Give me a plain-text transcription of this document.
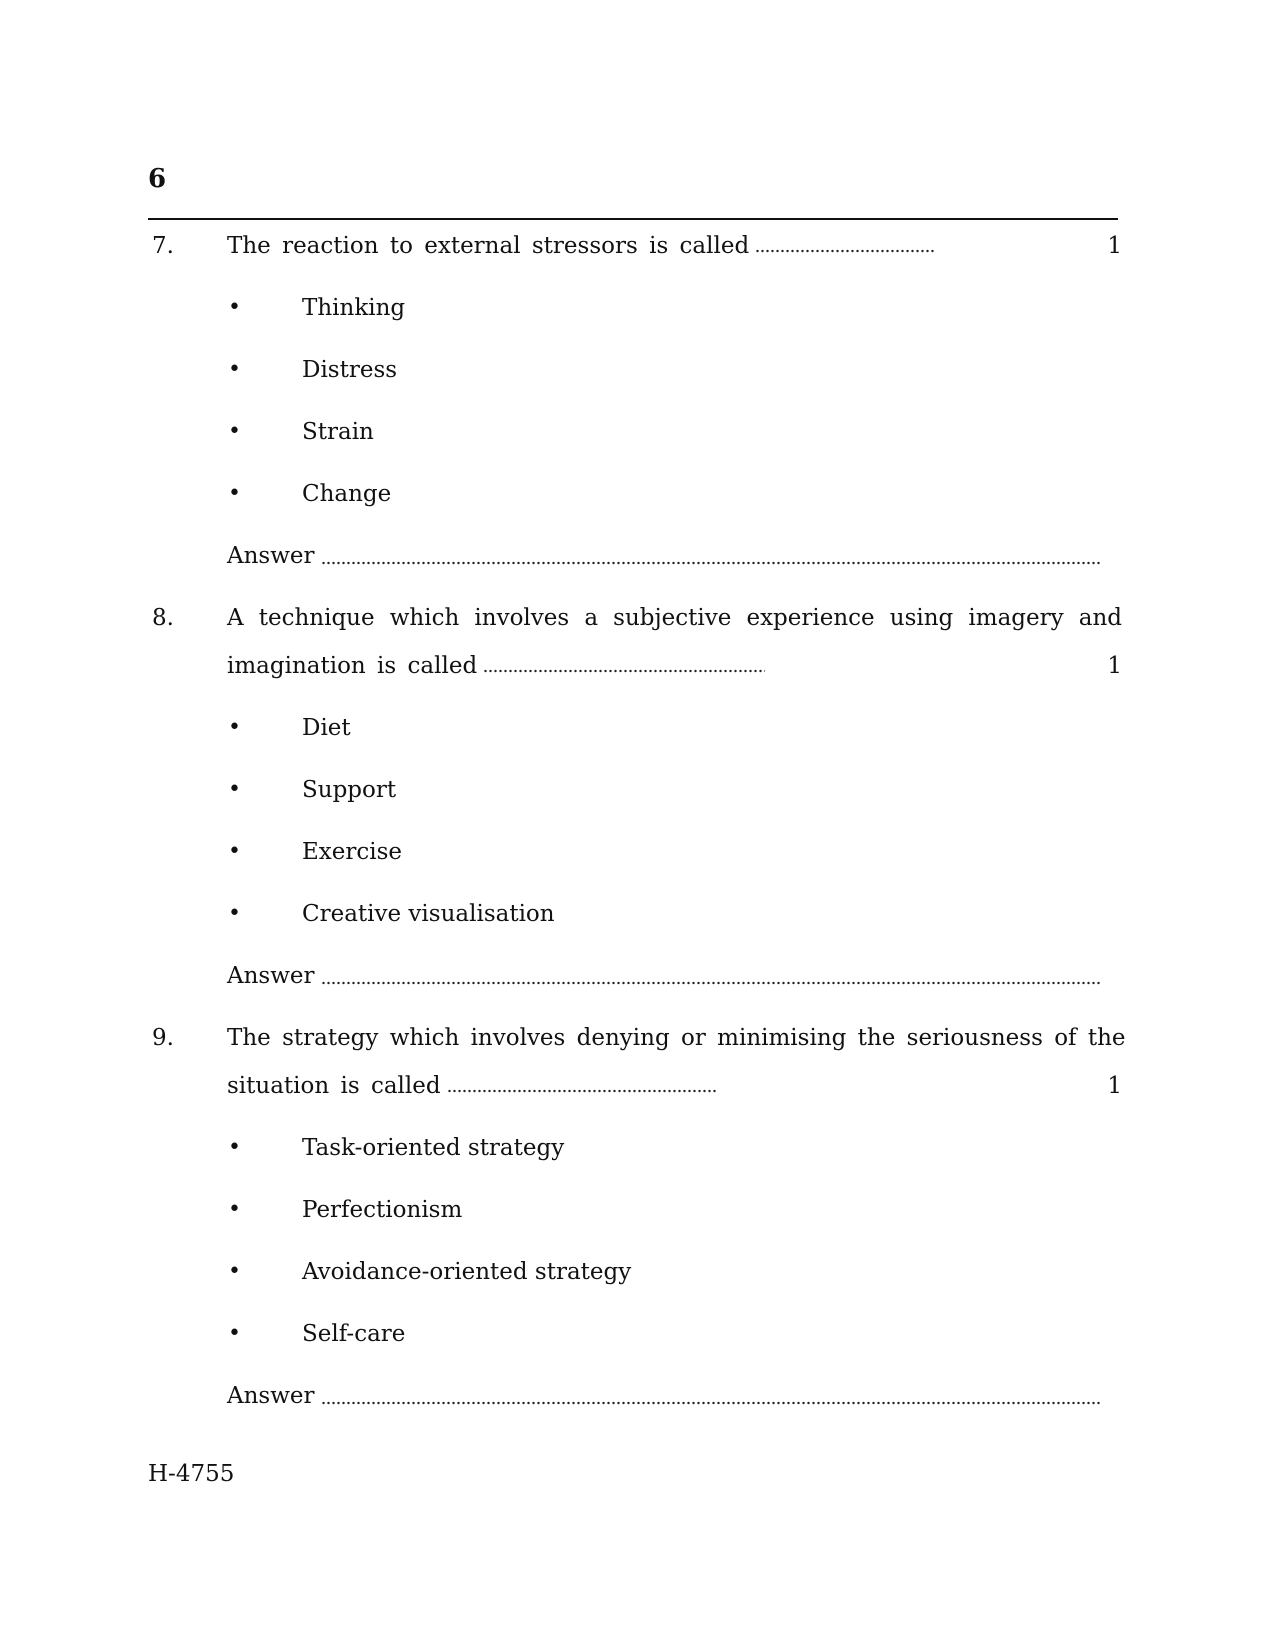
6
7. The reaction to external stressors is called	1
•	Thinking
•	Distress
•	Strain
•	Change
Answer
8. A technique which involves a subjective experience using imagery and
imagination is called	1
•	Diet
•	Support
•	Exercise
•	Creative visualisation
Answer
9. The strategy which involves denying or minimising the seriousness of the
situation is called	1
•	Task-oriented strategy
•	Perfectionism
•	Avoidance-oriented strategy
•	Self-care
Answer
H-4755
